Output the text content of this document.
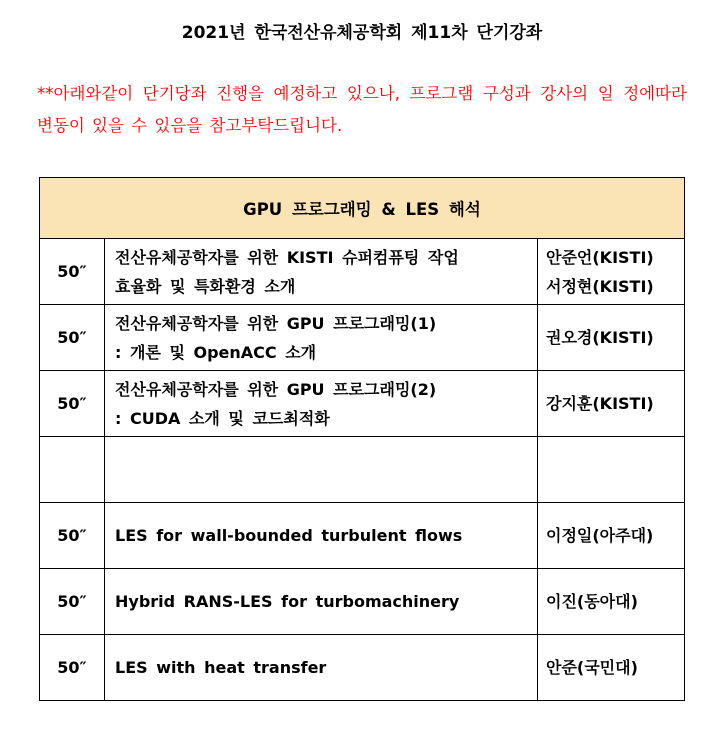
2021년 한국전산유체공학회 제11차 단기강좌
**아래와같이 단기당좌 진행을 예정하고 있으나, 프로그램 구성과 강사의 일 정에따라 변동이 있을 수 있음을 참고부탁드립니다.
GPU 프로그래밍 & LES 해석		
50″	전산유체공학자를 위한 KISTI 슈퍼컴퓨팅 작업
효율화 및 특화환경 소개	안준언(KISTI)
서정현(KISTI)

50″	전산유체공학자를 위한 GPU 프로그래밍(1)
: 개론 및 OpenACC 소개	권오경(KISTI)

50″	전산유체공학자를 위한 GPU 프로그래밍(2)
: CUDA 소개 및 코드최적화	강지훈(KISTI)

50″	LES for wall-bounded turbulent flows	이정일(아주대)

50″	Hybrid RANS-LES for turbomachinery	이진(동아대)

50″	LES with heat transfer	안준(국민대)
